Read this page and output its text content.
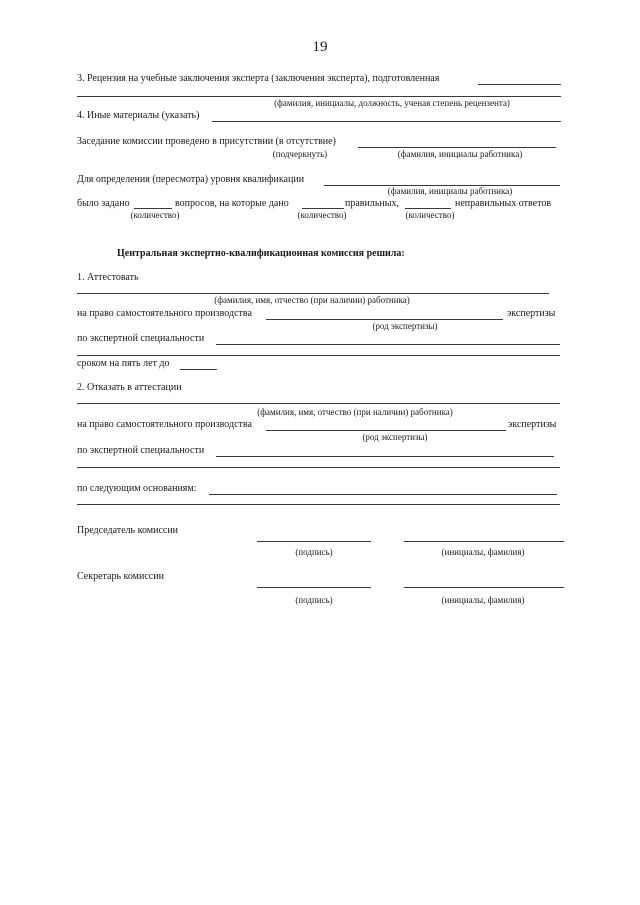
19
3. Рецензия на учебные заключения эксперта (заключения эксперта), подготовленная
(фамилия, инициалы, должность, ученая степень рецензента)
4. Иные материалы (указать)
Заседание комиссии проведено в присутствии (в отсутствие)
(подчеркнуть)	(фамилия, инициалы работника)
Для определения (пересмотра) уровня квалификации
(фамилия, инициалы работника)
было задано	вопросов, на которые дано	правильных,	неправильных ответов
(количество)	(количество)	(количество)
Центральная экспертно-квалификационная комиссия решила:
1. Аттестовать
(фамилия, имя, отчество (при наличии) работника)
на право самостоятельного производства	экспертизы
(род экспертизы)
по экспертной специальности
сроком на пять лет до
2. Отказать в аттестации
(фамилия, имя, отчество (при наличии) работника)
на право самостоятельного производства	экспертизы
(род экспертизы)
по экспертной специальности
по следующим основаниям:
Председатель комиссии
(подпись)	(инициалы, фамилия)
Секретарь комиссии
(подпись)	(инициалы, фамилия)
